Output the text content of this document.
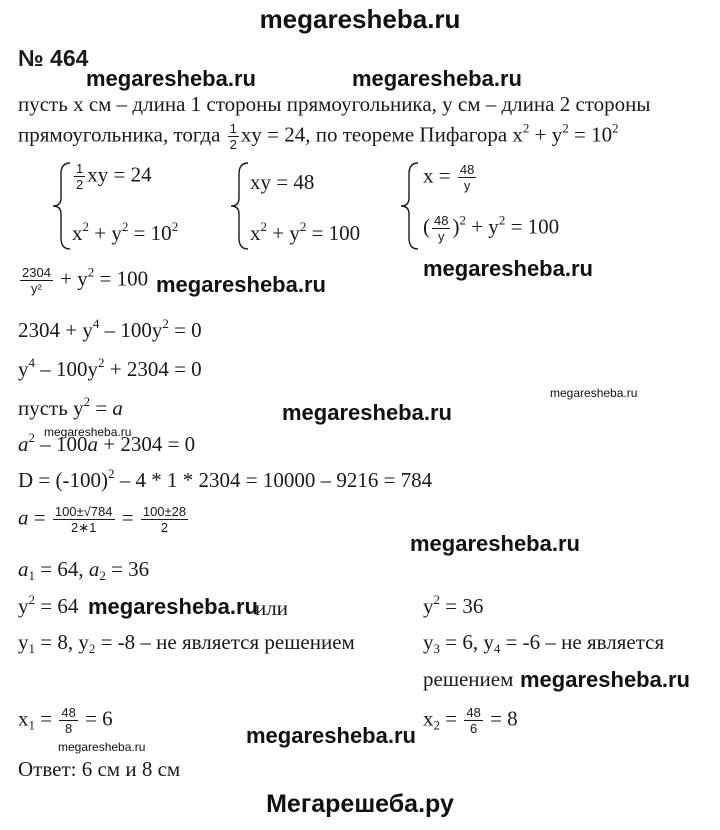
megaresheba.ru
№ 464
megaresheba.ru	megaresheba.ru
megaresheba.ru
megaresheba.ru
megaresheba.ru
megaresheba.ru
megaresheba.ru
megaresheba.ru
megaresheba.ru
megaresheba.ru
megaresheba.ru
megaresheba.ru
пусть х см – длина 1 стороны прямоугольника, у см – длина 2 стороны
прямоугольника, тогда $\frac{1}{2}$ xy = 24, по теореме Пифагора $x^2 + y^2 = 10^2$
$\frac{1}{2}$ xy = 24
$x^2 + y^2 = 10^2$
xy = 48
$x^2 + y^2 = 100$
$x = \frac{48}{y}$
( $\frac{48}{y} )^2 + y^2 = 100$
$\frac{2304}{\text{y²}} + y^2 = 100$
$2304 + y^4 - 100y^2 = 0$
$y^4 - 100y^2 + 2304 = 0$
пусть $y^2 = a$
$a^2 - 100a + 2304 = 0$
$D = (-100)^2 - 4 * 1 * 2304 = 10000 - 9216 = 784$
$a = \frac{100\pm√784}{2∗1} = \frac{100\pm 28}{2}$
$a_1 = 64$, $a_2 = 36$
$y^2 = 64$	или	$y^2 = 36$
$y_1 = 8$, $y_2 = -8$ – не является решением	$y_3 = 6$, $y_4 = -6$ – не является
решением
$x_1 = \frac{48}{8} = 6$	$x_2 = \frac{48}{6} = 8$
Ответ: 6 см и 8 см
Мегарешеба.ру
